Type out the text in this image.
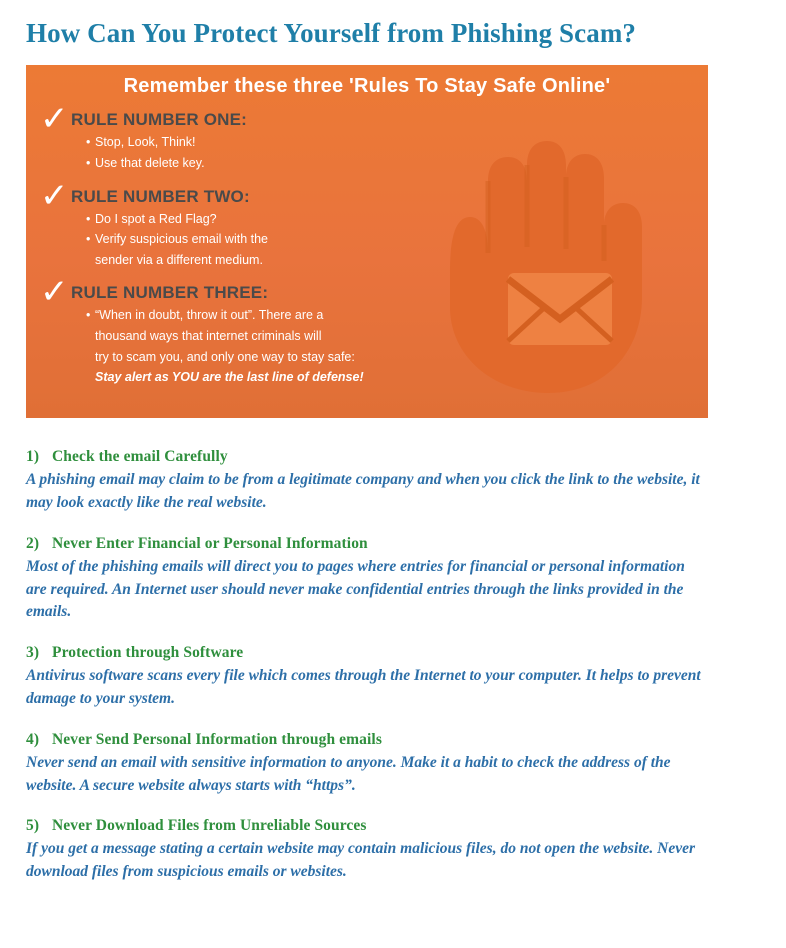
How Can You Protect Yourself from Phishing Scam?
Remember these three 'Rules To Stay Safe Online'
✓ RULE NUMBER ONE:
• Stop, Look, Think!
• Use that delete key.
✓ RULE NUMBER TWO:
• Do I spot a Red Flag?
• Verify suspicious email with the
sender via a different medium.
✓ RULE NUMBER THREE:
• “When in doubt, throw it out”. There are a
thousand ways that internet criminals will
try to scam you, and only one way to stay safe:
Stay alert as YOU are the last line of defense!
1) Check the email Carefully
A phishing email may claim to be from a legitimate company and when you click the link to the website, it may look exactly like the real website.
2) Never Enter Financial or Personal Information
Most of the phishing emails will direct you to pages where entries for financial or personal information are required. An Internet user should never make confidential entries through the links provided in the emails.
3) Protection through Software
Antivirus software scans every file which comes through the Internet to your computer. It helps to prevent damage to your system.
4) Never Send Personal Information through emails
Never send an email with sensitive information to anyone. Make it a habit to check the address of the website. A secure website always starts with “https”.
5) Never Download Files from Unreliable Sources
If you get a message stating a certain website may contain malicious files, do not open the website. Never download files from suspicious emails or websites.
